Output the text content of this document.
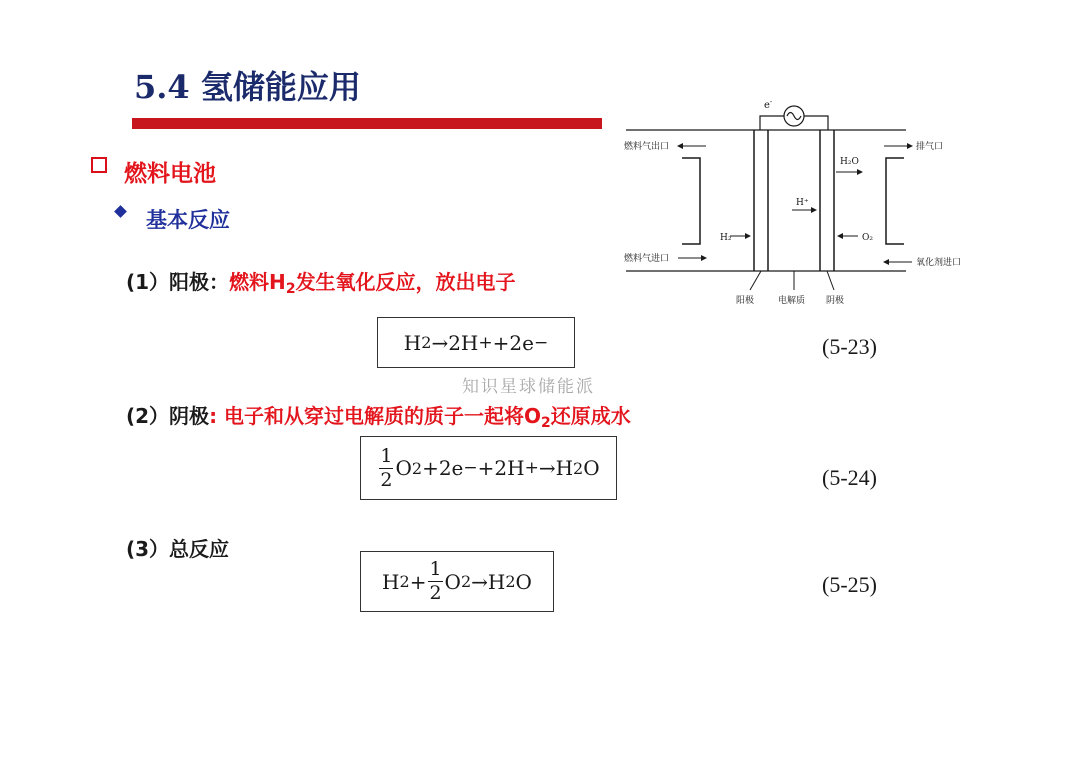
5.4 氢储能应用
燃料电池
基本反应
(1）阳极：燃料$H_2$发生氧化反应，放出电子
H 2 →2H + +2e −	(5-23)
知识星球储能派
(2）阴极: 电子和从穿过电解质的质子一起将$O_2$还原成水
$\frac{1}{2}$ O 2 +2e − +2H + →H 2 O	(5-24)
(3）总反应
H $2 + \frac{1}{2}$ O 2 →H 2 O	(5-25)
e-
燃料气出口	排气口
H₂O
H⁺
H₂	O₂
燃料气进口	氧化剂进口
阳极	电解质 阴极
